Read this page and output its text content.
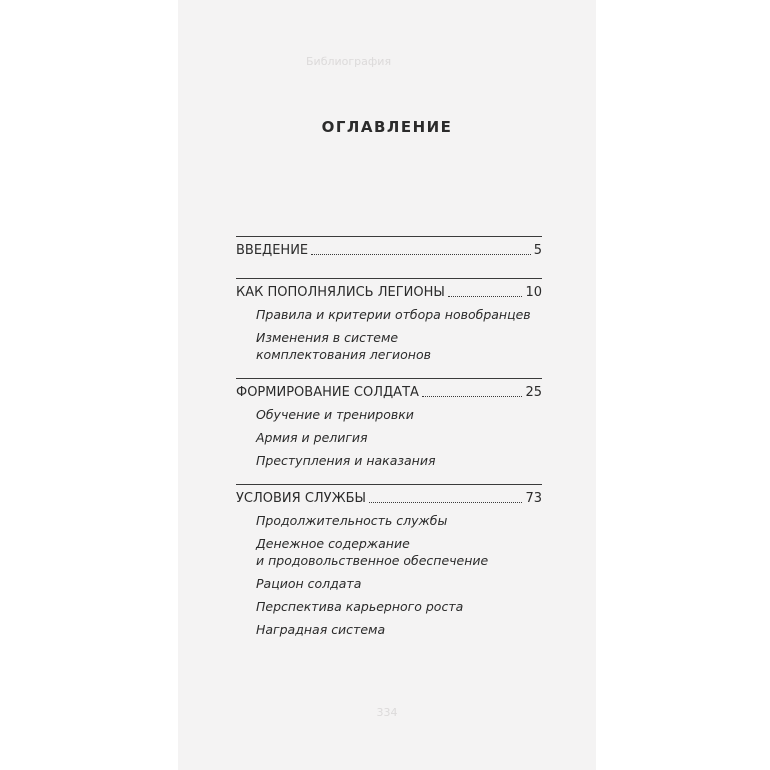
Библиография
ОГЛАВЛЕНИЕ
ВВЕДЕНИЕ	5
КАК ПОПОЛНЯЛИСЬ ЛЕГИОНЫ	10
Правила и критерии отбора новобранцев
Изменения в системе
комплектования легионов
ФОРМИРОВАНИЕ СОЛДАТА	25
Обучение и тренировки
Армия и религия
Преступления и наказания
УСЛОВИЯ СЛУЖБЫ	73
Продолжительность службы
Денежное содержание
и продовольственное обеспечение
Рацион солдата
Перспектива карьерного роста
Наградная система
334
